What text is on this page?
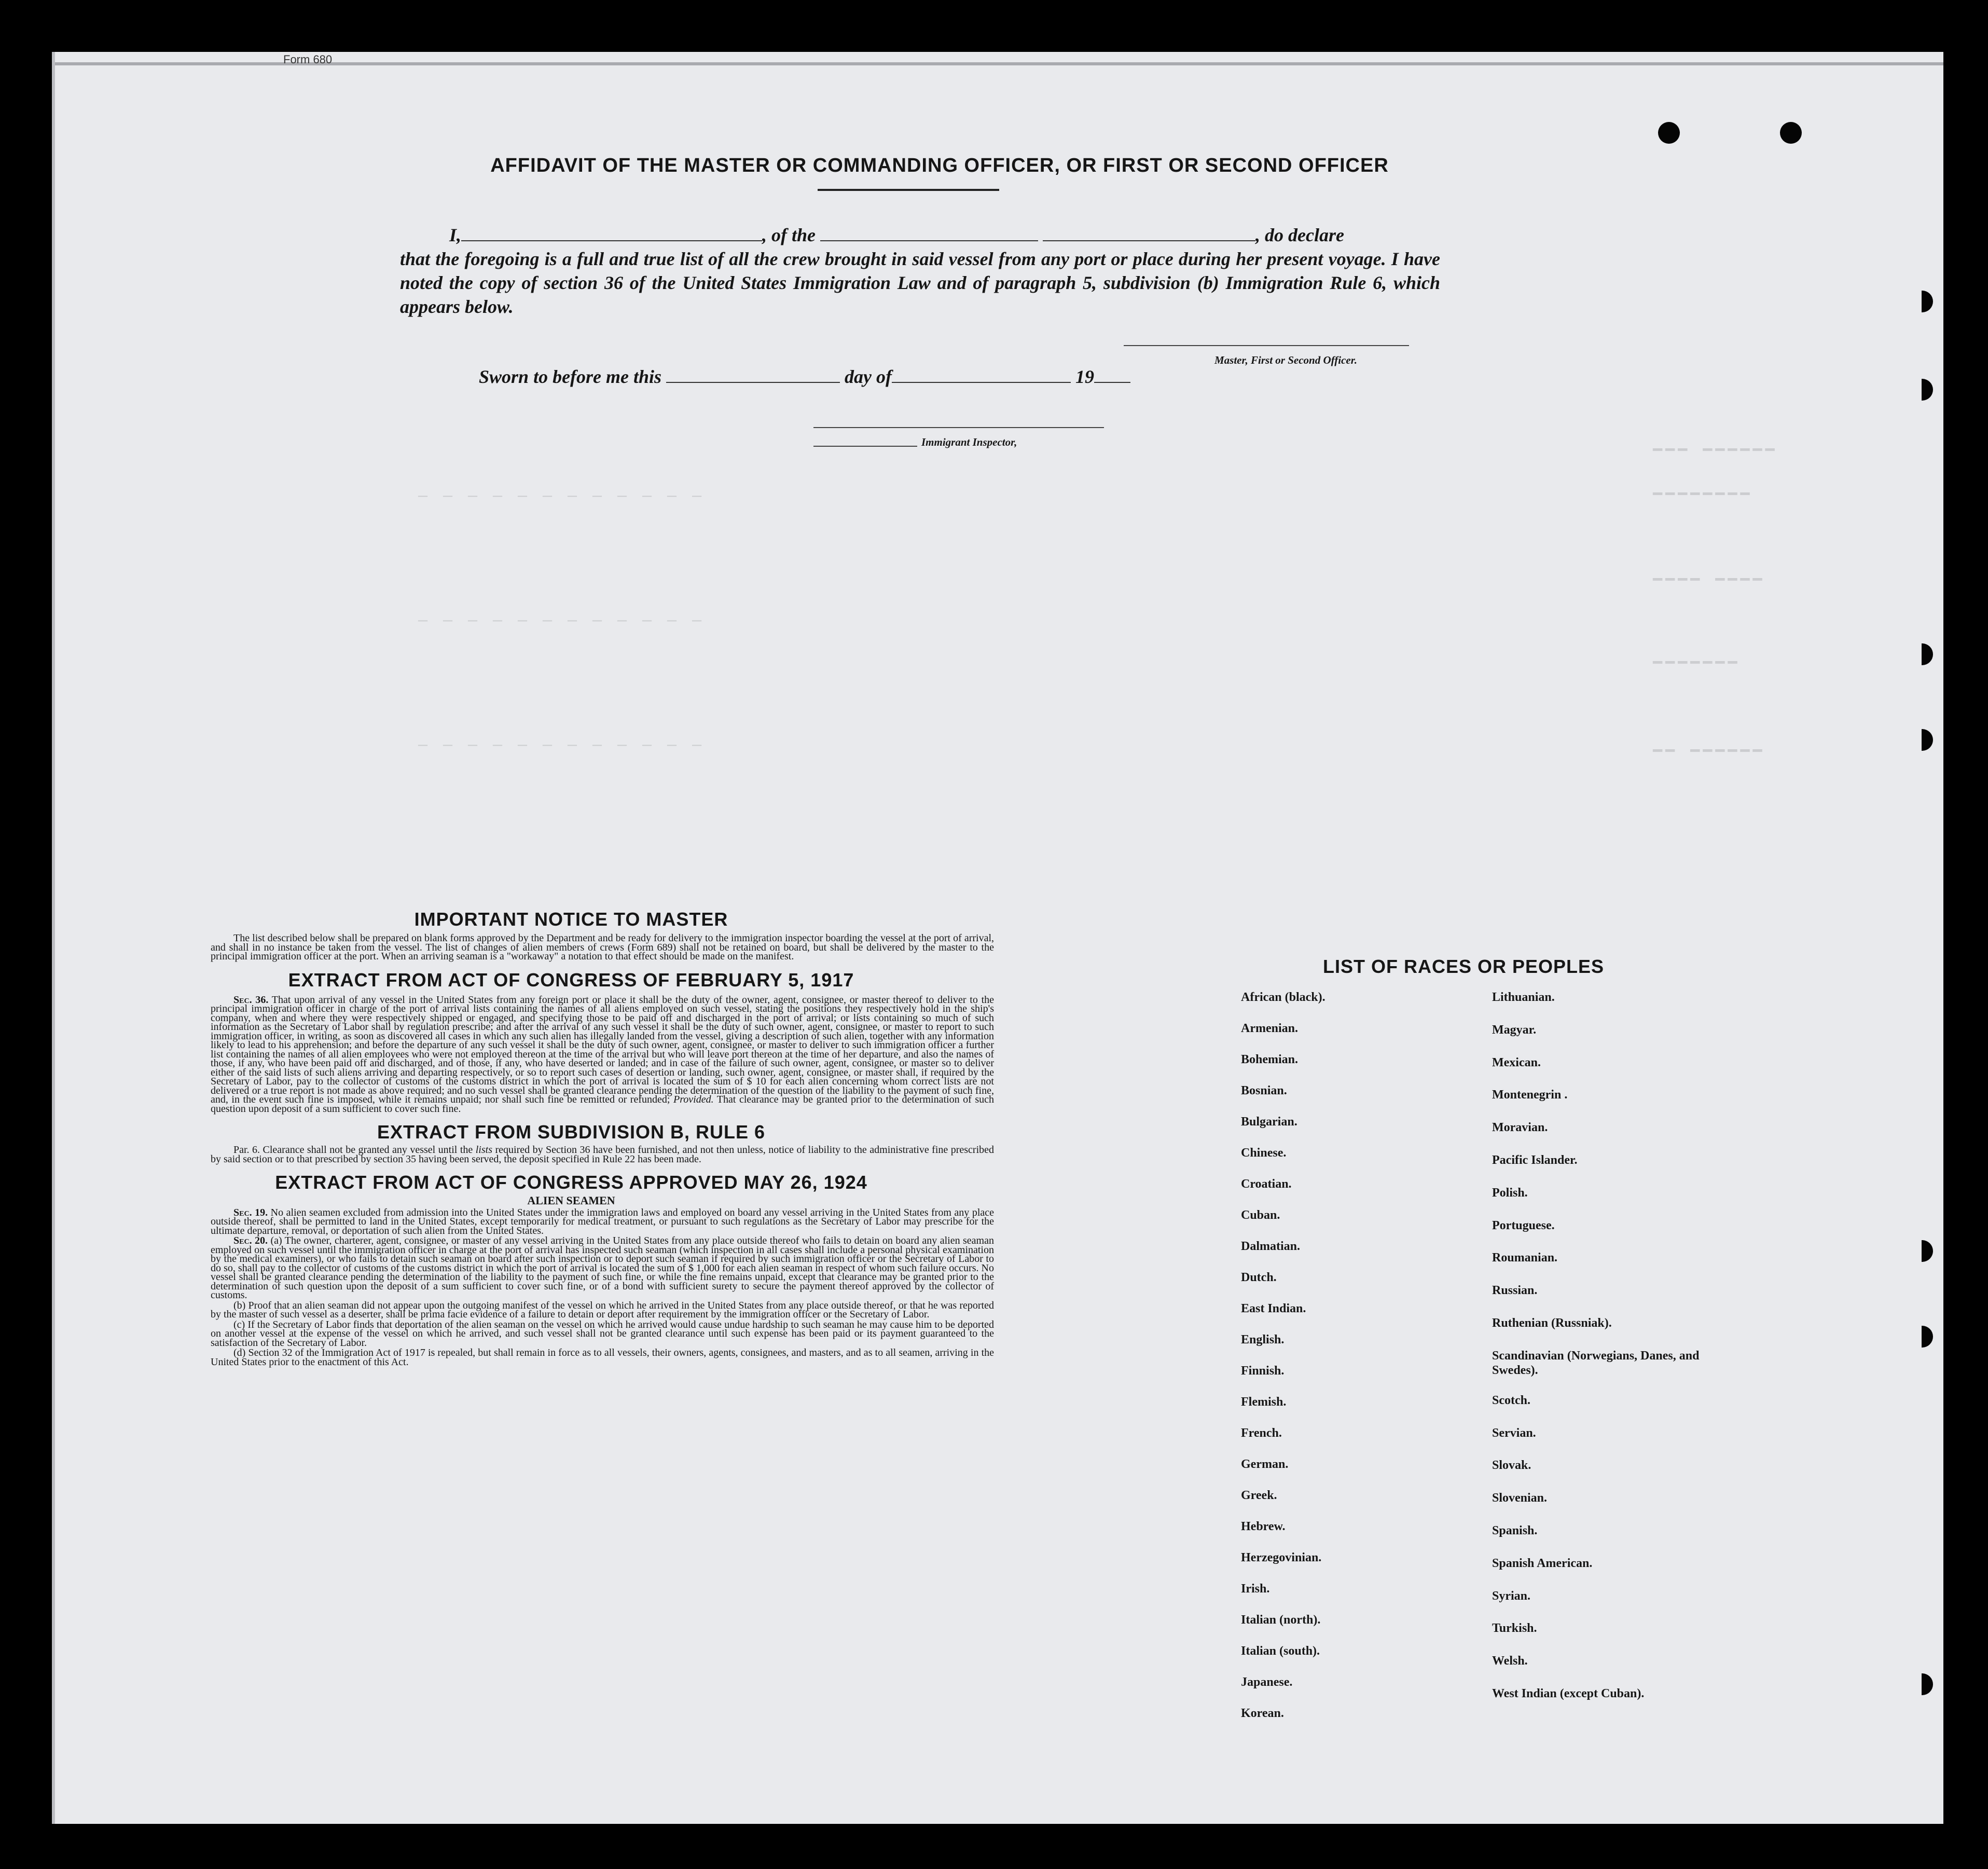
Form 680
━━━ ━━━━━━
━━━━━━━━
━━━━ ━━━━
━━━━━━━
━━ ━━━━━━
— — — — — — — — — — — —
— — — — — — — — — — — —
— — — — — — — — — — — —
AFFIDAVIT OF THE MASTER OR COMMANDING OFFICER, OR FIRST OR SECOND OFFICER
I,	, of the	, do declare
that the foregoing is a full and true list of all the crew brought in said vessel from any port or place during her present voyage. I have noted the copy of section 36 of the United States Immigration Law and of paragraph 5, subdivision (b) Immigration Rule 6, which appears below.
Master, First or Second Officer.
Sworn to before me this	day of	19
Immigrant Inspector,
IMPORTANT NOTICE TO MASTER

The list described below shall be prepared on blank forms approved by the Department and be ready for delivery to the immigration inspector boarding the vessel at the port of arrival, and shall in no instance be taken from the vessel. The list of changes of alien members of crews (Form 689) shall not be retained on board, but shall be delivered by the master to the principal immigration officer at the port. When an arriving seaman is a "workaway" a notation to that effect should be made on the manifest.

EXTRACT FROM ACT OF CONGRESS OF FEBRUARY 5, 1917

Sec. 36. That upon arrival of any vessel in the United States from any foreign port or place it shall be the duty of the owner, agent, consignee, or master thereof to deliver to the principal immigration officer in charge of the port of arrival lists containing the names of all aliens employed on such vessel, stating the positions they respectively hold in the ship's company, when and where they were respectively shipped or engaged, and specifying those to be paid off and discharged in the port of arrival; or lists containing so much of such information as the Secretary of Labor shall by regulation prescribe; and after the arrival of any such vessel it shall be the duty of such owner, agent, consignee, or master to report to such immigration officer, in writing, as soon as discovered all cases in which any such alien has illegally landed from the vessel, giving a description of such alien, together with any information likely to lead to his apprehension; and before the departure of any such vessel it shall be the duty of such owner, agent, consignee, or master to deliver to such immigration officer a further list containing the names of all alien employees who were not employed thereon at the time of the arrival but who will leave port thereon at the time of her departure, and also the names of those, if any, who have been paid off and discharged, and of those, if any, who have deserted or landed; and in case of the failure of such owner, agent, consignee, or master so to deliver either of the said lists of such aliens arriving and departing respectively, or so to report such cases of desertion or landing, such owner, agent, consignee, or master shall, if required by the Secretary of Labor, pay to the collector of customs of the customs district in which the port of arrival is located the sum of $ 10 for each alien concerning whom correct lists are not delivered or a true report is not made as above required; and no such vessel shall be granted clearance pending the determination of the question of the liability to the payment of such fine, and, in the event such fine is imposed, while it remains unpaid; nor shall such fine be remitted or refunded; Provided. That clearance may be granted prior to the determination of such question upon deposit of a sum sufficient to cover such fine.

EXTRACT FROM SUBDIVISION B, RULE 6

Par. 6. Clearance shall not be granted any vessel until the lists required by Section 36 have been furnished, and not then unless, notice of liability to the administrative fine prescribed by said section or to that prescribed by section 35 having been served, the deposit specified in Rule 22 has been made.

EXTRACT FROM ACT OF CONGRESS APPROVED MAY 26, 1924
ALIEN SEAMEN

Sec. 19. No alien seamen excluded from admission into the United States under the immigration laws and employed on board any vessel arriving in the United States from any place outside thereof, shall be permitted to land in the United States, except temporarily for medical treatment, or pursuant to such regulations as the Secretary of Labor may prescribe for the ultimate departure, removal, or deportation of such alien from the United States.

Sec. 20. (a) The owner, charterer, agent, consignee, or master of any vessel arriving in the United States from any place outside thereof who fails to detain on board any alien seaman employed on such vessel until the immigration officer in charge at the port of arrival has inspected such seaman (which inspection in all cases shall include a personal physical examination by the medical examiners), or who fails to detain such seaman on board after such inspection or to deport such seaman if required by such immigration officer or the Secretary of Labor to do so, shall pay to the collector of customs of the customs district in which the port of arrival is located the sum of $ 1,000 for each alien seaman in respect of whom such failure occurs. No vessel shall be granted clearance pending the determination of the liability to the payment of such fine, or while the fine remains unpaid, except that clearance may be granted prior to the determination of such question upon the deposit of a sum sufficient to cover such fine, or of a bond with sufficient surety to secure the payment thereof approved by the collector of customs.

(b) Proof that an alien seaman did not appear upon the outgoing manifest of the vessel on which he arrived in the United States from any place outside thereof, or that he was reported by the master of such vessel as a deserter, shall be prima facie evidence of a failure to detain or deport after requirement by the immigration officer or the Secretary of Labor.

(c) If the Secretary of Labor finds that deportation of the alien seaman on the vessel on which he arrived would cause undue hardship to such seaman he may cause him to be deported on another vessel at the expense of the vessel on which he arrived, and such vessel shall not be granted clearance until such expense has been paid or its payment guaranteed to the satisfaction of the Secretary of Labor.

(d) Section 32 of the Immigration Act of 1917 is repealed, but shall remain in force as to all vessels, their owners, agents, consignees, and masters, and as to all seamen, arriving in the United States prior to the enactment of this Act.

LIST OF RACES OR PEOPLES
African (black).
Armenian.
Bohemian.
Bosnian.
Bulgarian.
Chinese.
Croatian.
Cuban.
Dalmatian.
Dutch.
East Indian.
English.
Finnish.
Flemish.
French.
German.
Greek.
Hebrew.
Herzegovinian.
Irish.
Italian (north).
Italian (south).
Japanese.
Korean.
Lithuanian.
Magyar.
Mexican.
Montenegrin .
Moravian.
Pacific Islander.
Polish.
Portuguese.
Roumanian.
Russian.
Ruthenian (Russniak).
Scandinavian (Norwegians, Danes, and Swedes).
Scotch.
Servian.
Slovak.
Slovenian.
Spanish.
Spanish American.
Syrian.
Turkish.
Welsh.
West Indian (except Cuban).
